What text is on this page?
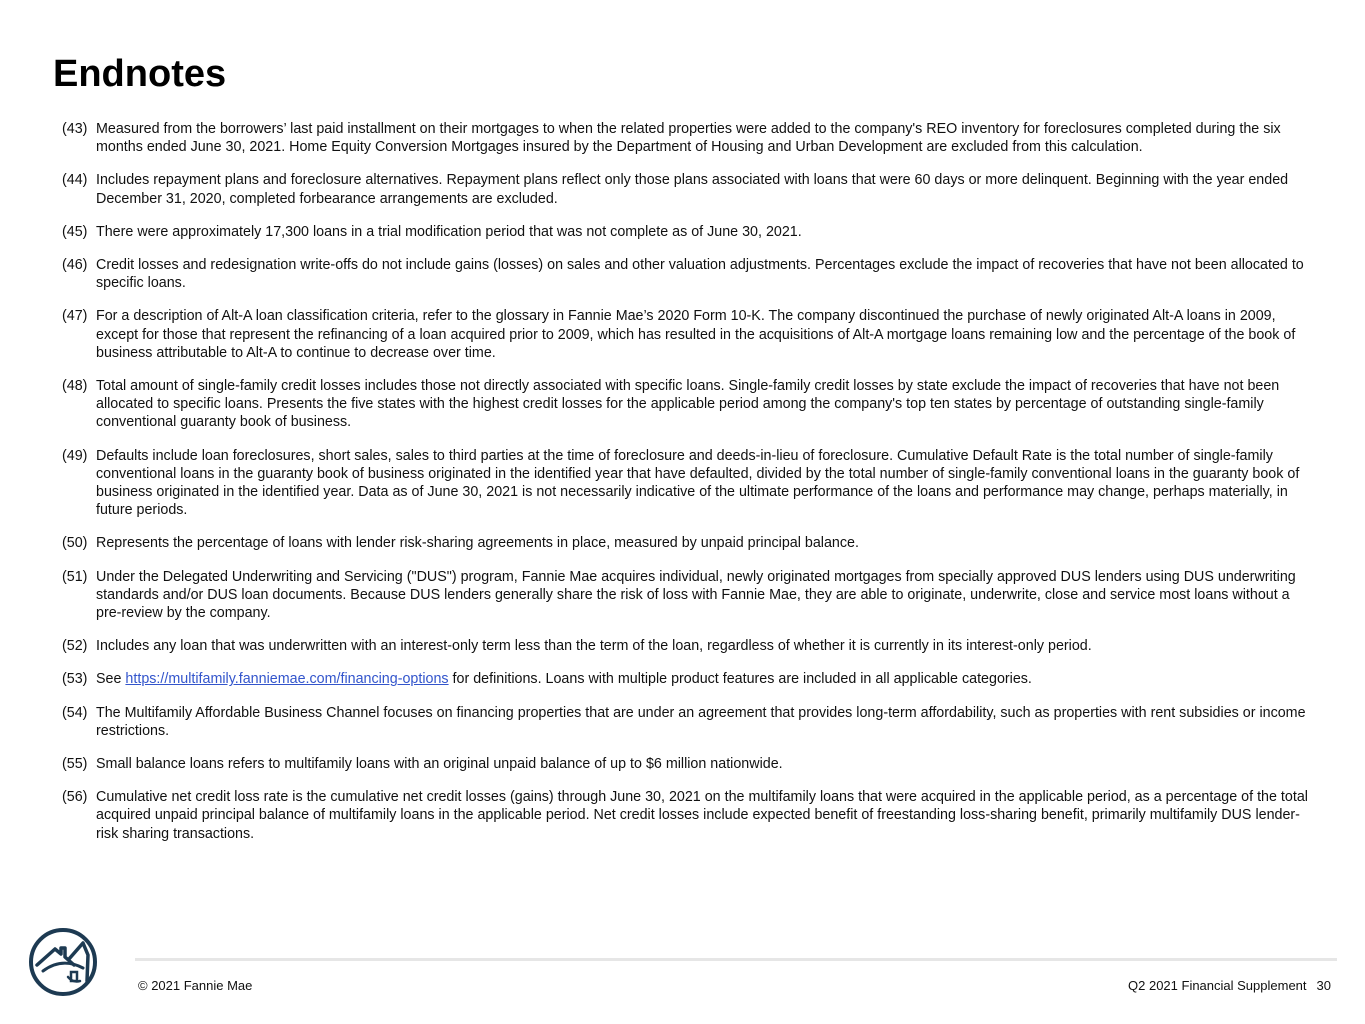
Endnotes
(43) Measured from the borrowers’ last paid installment on their mortgages to when the related properties were added to the company's REO inventory for foreclosures completed during the six months ended June 30, 2021. Home Equity Conversion Mortgages insured by the Department of Housing and Urban Development are excluded from this calculation.
(44) Includes repayment plans and foreclosure alternatives. Repayment plans reflect only those plans associated with loans that were 60 days or more delinquent. Beginning with the year ended December 31, 2020, completed forbearance arrangements are excluded.
(45) There were approximately 17,300 loans in a trial modification period that was not complete as of June 30, 2021.
(46) Credit losses and redesignation write-offs do not include gains (losses) on sales and other valuation adjustments. Percentages exclude the impact of recoveries that have not been allocated to specific loans.
(47) For a description of Alt-A loan classification criteria, refer to the glossary in Fannie Mae’s 2020 Form 10-K. The company discontinued the purchase of newly originated Alt-A loans in 2009, except for those that represent the refinancing of a loan acquired prior to 2009, which has resulted in the acquisitions of Alt-A mortgage loans remaining low and the percentage of the book of business attributable to Alt-A to continue to decrease over time.
(48) Total amount of single-family credit losses includes those not directly associated with specific loans. Single-family credit losses by state exclude the impact of recoveries that have not been allocated to specific loans. Presents the five states with the highest credit losses for the applicable period among the company's top ten states by percentage of outstanding single-family conventional guaranty book of business.
(49) Defaults include loan foreclosures, short sales, sales to third parties at the time of foreclosure and deeds-in-lieu of foreclosure. Cumulative Default Rate is the total number of single-family conventional loans in the guaranty book of business originated in the identified year that have defaulted, divided by the total number of single-family conventional loans in the guaranty book of business originated in the identified year. Data as of June 30, 2021 is not necessarily indicative of the ultimate performance of the loans and performance may change, perhaps materially, in future periods.
(50) Represents the percentage of loans with lender risk-sharing agreements in place, measured by unpaid principal balance.
(51) Under the Delegated Underwriting and Servicing ("DUS") program, Fannie Mae acquires individual, newly originated mortgages from specially approved DUS lenders using DUS underwriting standards and/or DUS loan documents. Because DUS lenders generally share the risk of loss with Fannie Mae, they are able to originate, underwrite, close and service most loans without a pre-review by the company.
(52) Includes any loan that was underwritten with an interest-only term less than the term of the loan, regardless of whether it is currently in its interest-only period.
(53) See https://multifamily.fanniemae.com/financing-options for definitions. Loans with multiple product features are included in all applicable categories.
(54) The Multifamily Affordable Business Channel focuses on financing properties that are under an agreement that provides long-term affordability, such as properties with rent subsidies or income restrictions.
(55) Small balance loans refers to multifamily loans with an original unpaid balance of up to $6 million nationwide.
(56) Cumulative net credit loss rate is the cumulative net credit losses (gains) through June 30, 2021 on the multifamily loans that were acquired in the applicable period, as a percentage of the total acquired unpaid principal balance of multifamily loans in the applicable period. Net credit losses include expected benefit of freestanding loss-sharing benefit, primarily multifamily DUS lender-risk sharing transactions.
© 2021 Fannie Mae	Q2 2021 Financial Supplement 30
